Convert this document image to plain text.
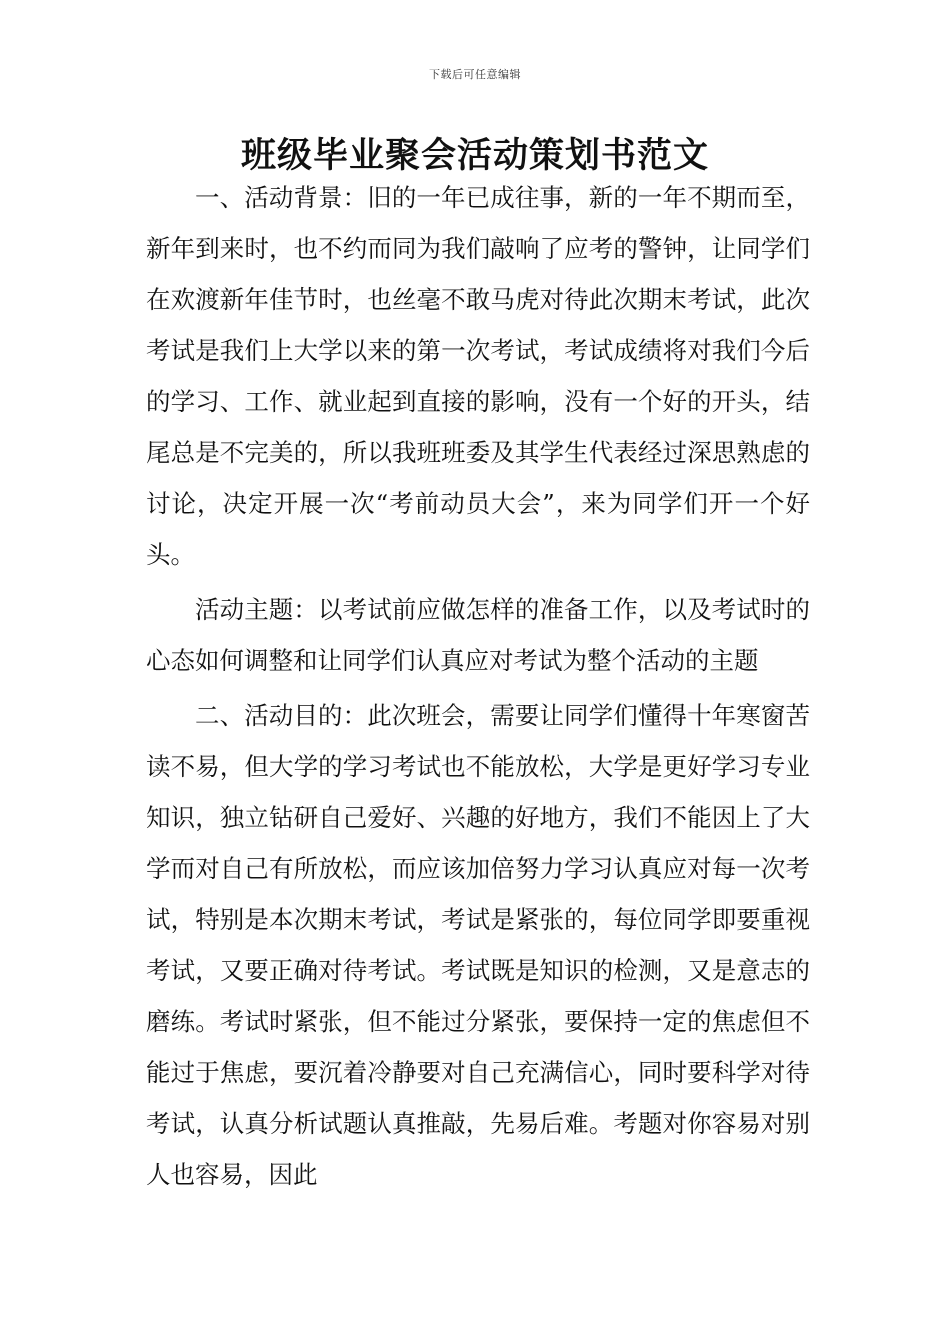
下载后可任意编辑
班级毕业聚会活动策划书范文

一、活动背景：旧的一年已成往事，新的一年不期而至，新年到来时，也不约而同为我们敲响了应考的警钟，让同学们在欢渡新年佳节时，也丝毫不敢马虎对待此次期末考试，此次考试是我们上大学以来的第一次考试，考试成绩将对我们今后的学习、工作、就业起到直接的影响，没有一个好的开头，结尾总是不完美的，所以我班班委及其学生代表经过深思熟虑的讨论，决定开展一次“考前动员大会”，来为同学们开一个好头。

活动主题：以考试前应做怎样的准备工作，以及考试时的心态如何调整和让同学们认真应对考试为整个活动的主题

二、活动目的：此次班会，需要让同学们懂得十年寒窗苦读不易，但大学的学习考试也不能放松，大学是更好学习专业知识，独立钻研自己爱好、兴趣的好地方，我们不能因上了大学而对自己有所放松，而应该加倍努力学习认真应对每一次考试，特别是本次期末考试，考试是紧张的，每位同学即要重视考试，又要正确对待考试。考试既是知识的检测，又是意志的磨练。考试时紧张，但不能过分紧张，要保持一定的焦虑但不能过于焦虑，要沉着冷静要对自己充满信心，同时要科学对待考试，认真分析试题认真推敲，先易后难。考题对你容易对别人也容易，因此
